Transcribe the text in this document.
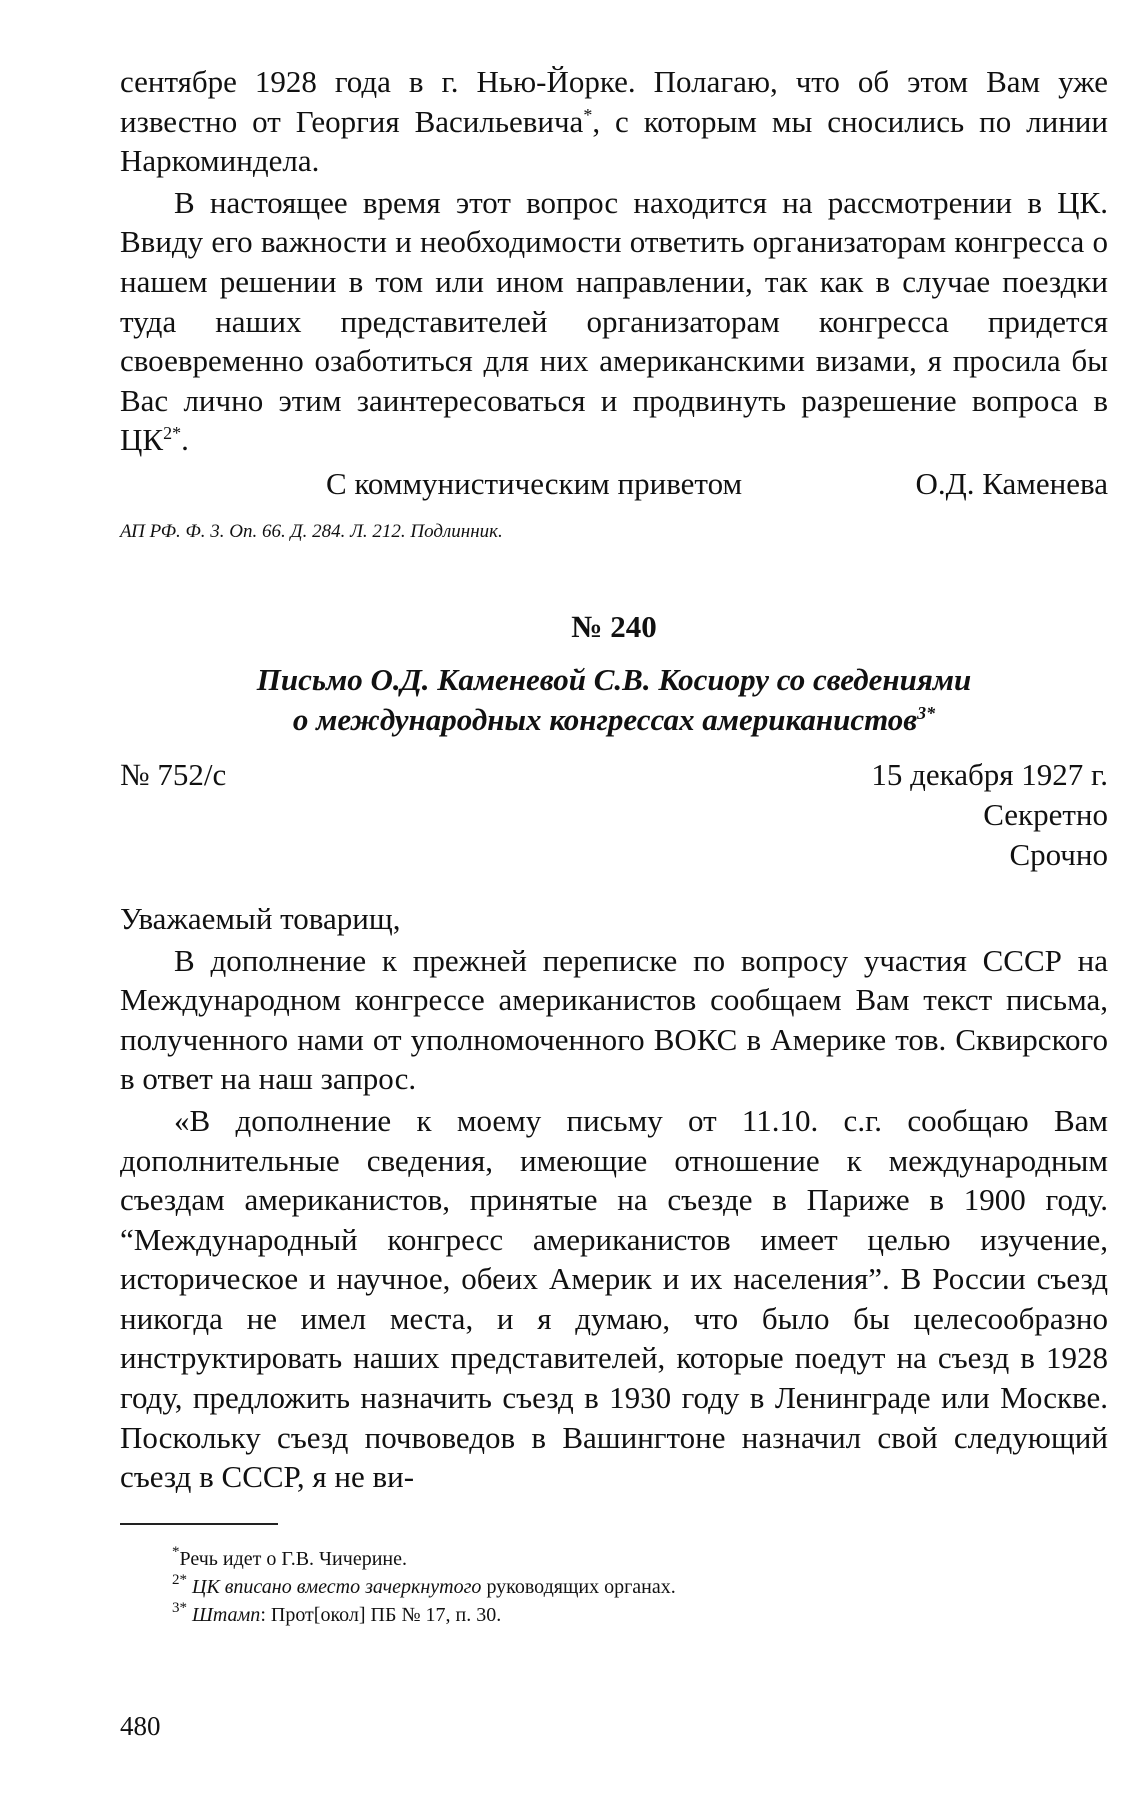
сентябре 1928 года в г. Нью-Йорке. Полагаю, что об этом Вам уже известно от Георгия Васильевича*, с которым мы сносились по линии Наркоминдела.

В настоящее время этот вопрос находится на рассмотрении в ЦК. Ввиду его важности и необходимости ответить организаторам конгресса о нашем решении в том или ином направлении, так как в случае поездки туда наших представителей организаторам конгресса придется своевременно озаботиться для них американскими визами, я просила бы Вас лично этим заинтересоваться и продвинуть разрешение вопроса в $ЦК^{2*}$.

С коммунистическим приветом	О.Д. Каменева
АП РФ. Ф. 3. Оп. 66. Д. 284. Л. 212. Подлинник.
№ 240
Письмо О.Д. Каменевой С.В. Косиору со сведениями
о международных конгрессах американистов$^{3*}$
№ 752/с	15 декабря 1927 г.
Секретно
Срочно

Уважаемый товарищ,

В дополнение к прежней переписке по вопросу участия СССР на Международном конгрессе американистов сообщаем Вам текст письма, полученного нами от уполномоченного ВОКС в Америке тов. Сквирского в ответ на наш запрос.

«В дополнение к моему письму от 11.10. с.г. сообщаю Вам дополнительные сведения, имеющие отношение к международным съездам американистов, принятые на съезде в Париже в 1900 году. “Международный конгресс американистов имеет целью изучение, историческое и научное, обеих Америк и их населения”. В России съезд никогда не имел места, и я думаю, что было бы целесообразно инструктировать наших представителей, которые поедут на съезд в 1928 году, предложить назначить съезд в 1930 году в Ленинграде или Москве. Поскольку съезд почвоведов в Вашингтоне назначил свой следующий съезд в СССР, я не ви-

*Речь идет о Г.В. Чичерине.

$^{2*}$ ЦК вписано вместо зачеркнутого руководящих органах.

$^{3*}$ Штамп: Прот[окол] ПБ № 17, п. 30.

480
